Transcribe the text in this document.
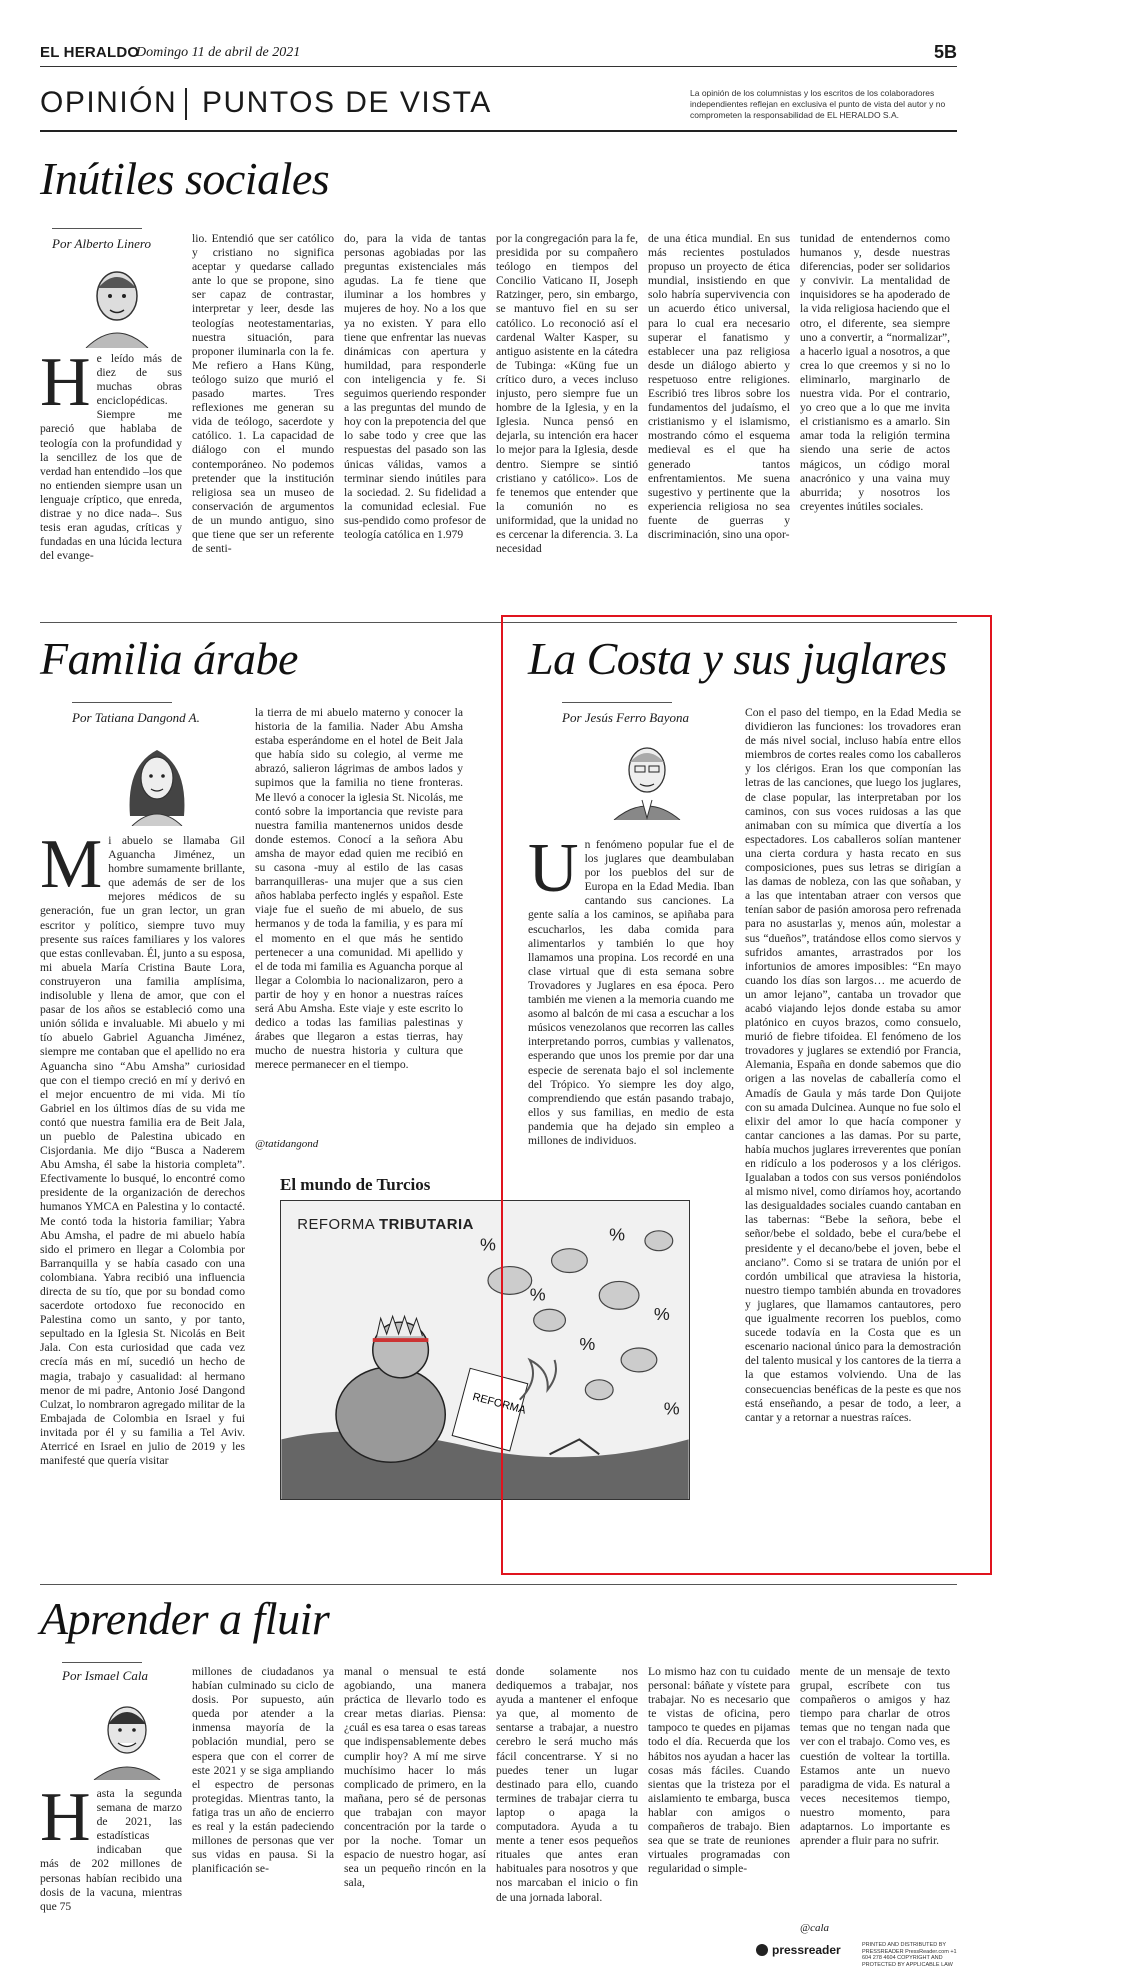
EL HERALDO
Domingo 11 de abril de 2021	5B
OPINIÓN PUNTOS DE VISTA	La opinión de los columnistas y los escritos de los colaboradores independientes reflejan en exclusiva el punto de vista del autor y no comprometen la responsabilidad de EL HERALDO S.A.
Inútiles sociales
Por Alberto Linero
He leído más de diez de sus muchas obras enciclopédicas. Siempre me pareció que hablaba de teología con la profundidad y la sencillez de los que de verdad han entendido –los que no entienden siempre usan un lenguaje críptico, que enreda, distrae y no dice nada–. Sus tesis eran agudas, críticas y fundadas en una lúcida lectura del evange-
lio. Entendió que ser católico y cristiano no significa aceptar y quedarse callado ante lo que se propone, sino ser capaz de contrastar, interpretar y leer, desde las teologías neotestamentarias, nuestra situación, para proponer iluminarla con la fe. Me refiero a Hans Küng, teólogo suizo que murió el pasado martes. Tres reflexiones me generan su vida de teólogo, sacerdote y católico. 1. La capacidad de diálogo con el mundo contemporáneo. No podemos pretender que la institución religiosa sea un museo de conservación de argumentos de un mundo antiguo, sino que tiene que ser un referente de senti-
do, para la vida de tantas personas agobiadas por las preguntas existenciales más agudas. La fe tiene que iluminar a los hombres y mujeres de hoy. No a los que ya no existen. Y para ello tiene que enfrentar las nuevas dinámicas con apertura y humildad, para responderle con inteligencia y fe. Si seguimos queriendo responder a las preguntas del mundo de hoy con la prepotencia del que lo sabe todo y cree que las respuestas del pasado son las únicas válidas, vamos a terminar siendo inútiles para la sociedad. 2. Su fidelidad a la comunidad eclesial. Fue sus-pendido como profesor de teología católica en 1.979
por la congregación para la fe, presidida por su compañero teólogo en tiempos del Concilio Vaticano II, Joseph Ratzinger, pero, sin embargo, se mantuvo fiel en su ser católico. Lo reconoció así el cardenal Walter Kasper, su antiguo asistente en la cátedra de Tubinga: «Küng fue un crítico duro, a veces incluso injusto, pero siempre fue un hombre de la Iglesia, y en la Iglesia. Nunca pensó en dejarla, su intención era hacer lo mejor para la Iglesia, desde dentro. Siempre se sintió cristiano y católico». Los de fe tenemos que entender que la comunión no es uniformidad, que la unidad no es cercenar la diferencia. 3. La necesidad
de una ética mundial. En sus más recientes postulados propuso un proyecto de ética mundial, insistiendo en que solo habría supervivencia con un acuerdo ético universal, para lo cual era necesario superar el fanatismo y establecer una paz religiosa desde un diálogo abierto y respetuoso entre religiones. Escribió tres libros sobre los fundamentos del judaísmo, el cristianismo y el islamismo, mostrando cómo el esquema medieval es el que ha generado tantos enfrentamientos. Me suena sugestivo y pertinente que la experiencia religiosa no sea fuente de guerras y discriminación, sino una opor-
tunidad de entendernos como humanos y, desde nuestras diferencias, poder ser solidarios y convivir. La mentalidad de inquisidores se ha apoderado de la vida religiosa haciendo que el otro, el diferente, sea siempre uno a convertir, a “normalizar”, a hacerlo igual a nosotros, a que crea lo que creemos y si no lo eliminarlo, marginarlo de nuestra vida. Por el contrario, yo creo que a lo que me invita el cristianismo es a amarlo. Sin amar toda la religión termina siendo una serie de actos mágicos, un código moral anacrónico y una vaina muy aburrida; y nosotros los creyentes inútiles sociales.
Familia árabe
Por Tatiana Dangond A.
Mi abuelo se llamaba Gil Aguancha Jiménez, un hombre sumamente brillante, que además de ser de los mejores médicos de su generación, fue un gran lector, un gran escritor y político, siempre tuvo muy presente sus raíces familiares y los valores que estas conllevaban. Él, junto a su esposa, mi abuela María Cristina Baute Lora, construyeron una familia amplísima, indisoluble y llena de amor, que con el pasar de los años se estableció como una unión sólida e invaluable. Mi abuelo y mi tío abuelo Gabriel Aguancha Jiménez, siempre me contaban que el apellido no era Aguancha sino “Abu Amsha” curiosidad que con el tiempo creció en mí y derivó en el mejor encuentro de mi vida. Mi tío Gabriel en los últimos días de su vida me contó que nuestra familia era de Beit Jala, un pueblo de Palestina ubicado en Cisjordania. Me dijo “Busca a Naderem Abu Amsha, él sabe la historia completa”. Efectivamente lo busqué, lo encontré como presidente de la organización de derechos humanos YMCA en Palestina y lo contacté. Me contó toda la historia familiar; Yabra Abu Amsha, el padre de mi abuelo había sido el primero en llegar a Colombia por Barranquilla y se había casado con una colombiana. Yabra recibió una influencia directa de su tío, que por su bondad como sacerdote ortodoxo fue reconocido en Palestina como un santo, y por tanto, sepultado en la Iglesia St. Nicolás en Beit Jala. Con esta curiosidad que cada vez crecía más en mí, sucedió un hecho de magia, trabajo y casualidad: al hermano menor de mi padre, Antonio José Dangond Culzat, lo nombraron agregado militar de la Embajada de Colombia en Israel y fui invitada por él y su familia a Tel Aviv. Aterricé en Israel en julio de 2019 y les manifesté que quería visitar
la tierra de mi abuelo materno y conocer la historia de la familia. Nader Abu Amsha estaba esperándome en el hotel de Beit Jala que había sido su colegio, al verme me abrazó, salieron lágrimas de ambos lados y supimos que la familia no tiene fronteras. Me llevó a conocer la iglesia St. Nicolás, me contó sobre la importancia que reviste para nuestra familia mantenernos unidos desde donde estemos. Conocí a la señora Abu amsha de mayor edad quien me recibió en su casona -muy al estilo de las casas barranquilleras- una mujer que a sus cien años hablaba perfecto inglés y español. Este viaje fue el sueño de mi abuelo, de sus hermanos y de toda la familia, y es para mí el momento en el que más he sentido pertenecer a una comunidad. Mi apellido y el de toda mi familia es Aguancha porque al llegar a Colombia lo nacionalizaron, pero a partir de hoy y en honor a nuestras raíces será Abu Amsha. Este viaje y este escrito lo dedico a todas las familias palestinas y árabes que llegaron a estas tierras, hay mucho de nuestra historia y cultura que merece permanecer en el tiempo.
@tatidangond
El mundo de Turcios
REFORMA TRIBUTARIA
REFORMA
%	%
%
%
%
%
La Costa y sus juglares
Por Jesús Ferro Bayona
Un fenómeno popular fue el de los juglares que deambulaban por los pueblos del sur de Europa en la Edad Media. Iban cantando sus canciones. La gente salía a los caminos, se apiñaba para escucharlos, les daba comida para alimentarlos y también lo que hoy llamamos una propina. Los recordé en una clase virtual que di esta semana sobre Trovadores y Juglares en esa época. Pero también me vienen a la memoria cuando me asomo al balcón de mi casa a escuchar a los músicos venezolanos que recorren las calles interpretando porros, cumbias y vallenatos, esperando que unos los premie por dar una especie de serenata bajo el sol inclemente del Trópico. Yo siempre les doy algo, comprendiendo que están pasando trabajo, ellos y sus familias, en medio de esta pandemia que ha dejado sin empleo a millones de individuos.
Con el paso del tiempo, en la Edad Media se dividieron las funciones: los trovadores eran de más nivel social, incluso había entre ellos miembros de cortes reales como los caballeros y los clérigos. Eran los que componían las letras de las canciones, que luego los juglares, de clase popular, las interpretaban por los caminos, con sus voces ruidosas a las que animaban con su mímica que divertía a los espectadores. Los caballeros solían mantener una cierta cordura y hasta recato en sus composiciones, pues sus letras se dirigían a las damas de nobleza, con las que soñaban, y a las que intentaban atraer con versos que tenían sabor de pasión amorosa pero refrenada para no asustarlas y, menos aún, molestar a sus “dueños”, tratándose ellos como siervos y sufridos amantes, arrastrados por los infortunios de amores imposibles: “En mayo cuando los días son largos… me acuerdo de un amor lejano”, cantaba un trovador que acabó viajando lejos donde estaba su amor platónico en cuyos brazos, como consuelo, murió de fiebre tifoidea. El fenómeno de los trovadores y juglares se extendió por Francia, Alemania, España en donde sabemos que dio origen a las novelas de caballería como el Amadís de Gaula y más tarde Don Quijote con su amada Dulcinea. Aunque no fue solo el elixir del amor lo que hacía componer y cantar canciones a las damas. Por su parte, había muchos juglares irreverentes que ponían en ridículo a los poderosos y a los clérigos. Igualaban a todos con sus versos poniéndolos al mismo nivel, como diríamos hoy, acortando las desigualdades sociales cuando cantaban en las tabernas: “Bebe la señora, bebe el señor/bebe el soldado, bebe el cura/bebe el presidente y el decano/bebe el joven, bebe el anciano”. Como si se tratara de unión por el cordón umbilical que atraviesa la historia, nuestro tiempo también abunda en trovadores y juglares, que llamamos cantautores, pero que igualmente recorren los pueblos, como sucede todavía en la Costa que es un escenario nacional único para la demostración del talento musical y los cantores de la tierra a la que estamos volviendo. Una de las consecuencias benéficas de la peste es que nos está enseñando, a pesar de todo, a leer, a cantar y a retornar a nuestras raíces.
Aprender a fluir
Por Ismael Cala
Hasta la segunda semana de marzo de 2021, las estadísticas indicaban que más de 202 millones de personas habían recibido una dosis de la vacuna, mientras que 75
millones de ciudadanos ya habían culminado su ciclo de dosis. Por supuesto, aún queda por atender a la inmensa mayoría de la población mundial, pero se espera que con el correr de este 2021 y se siga ampliando el espectro de personas protegidas. Mientras tanto, la fatiga tras un año de encierro es real y la están padeciendo millones de personas que ver sus vidas en pausa. Si la planificación se-
manal o mensual te está agobiando, una manera práctica de llevarlo todo es crear metas diarias. Piensa: ¿cuál es esa tarea o esas tareas que indispensablemente debes cumplir hoy? A mí me sirve muchísimo hacer lo más complicado de primero, en la mañana, pero sé de personas que trabajan con mayor concentración por la tarde o por la noche. Tomar un espacio de nuestro hogar, así sea un pequeño rincón en la sala,
donde solamente nos dediquemos a trabajar, nos ayuda a mantener el enfoque ya que, al momento de sentarse a trabajar, a nuestro cerebro le será mucho más fácil concentrarse. Y si no puedes tener un lugar destinado para ello, cuando termines de trabajar cierra tu laptop o apaga la computadora. Ayuda a tu mente a tener esos pequeños rituales que antes eran habituales para nosotros y que nos marcaban el inicio o fin de una jornada laboral.
Lo mismo haz con tu cuidado personal: báñate y vístete para trabajar. No es necesario que te vistas de oficina, pero tampoco te quedes en pijamas todo el día. Recuerda que los hábitos nos ayudan a hacer las cosas más fáciles. Cuando sientas que la tristeza por el aislamiento te embarga, busca hablar con amigos o compañeros de trabajo. Bien sea que se trate de reuniones virtuales programadas con regularidad o simple-
mente de un mensaje de texto grupal, escríbete con tus compañeros o amigos y haz tiempo para charlar de otros temas que no tengan nada que ver con el trabajo. Como ves, es cuestión de voltear la tortilla. Estamos ante un nuevo paradigma de vida. Es natural a veces necesitemos tiempo, nuestro momento, para adaptarnos. Lo importante es aprender a fluir para no sufrir.
@cala
pressreader	PRINTED AND DISTRIBUTED BY PRESSREADER PressReader.com +1 604 278 4604 COPYRIGHT AND PROTECTED BY APPLICABLE LAW
